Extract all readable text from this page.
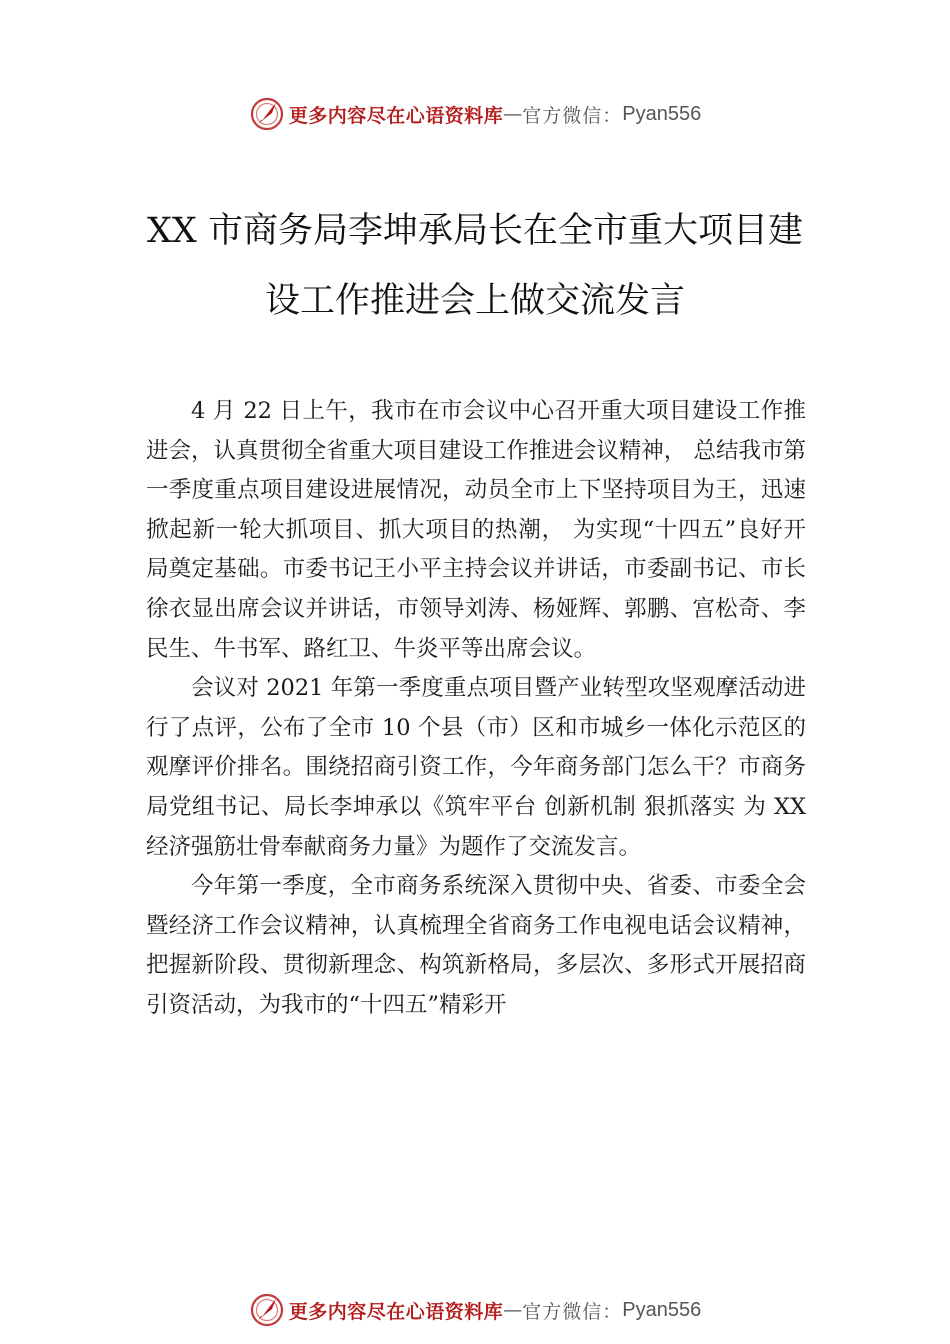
更多内容尽在心语资料库 — 官方微信： Pyan556
XX 市商务局李坤承局长在全市重大项目建
设工作推进会上做交流发言

4 月 22 日上午，我市在市会议中心召开重大项目建设工作推进会，认真贯彻全省重大项目建设工作推进会议精神， 总结我市第一季度重点项目建设进展情况，动员全市上下坚持项目为王，迅速掀起新一轮大抓项目、抓大项目的热潮， 为实现“十四五”良好开局奠定基础。市委书记王小平主持会议并讲话，市委副书记、市长徐衣显出席会议并讲话，市领导刘涛、杨娅辉、郭鹏、宫松奇、李民生、牛书军、路红卫、牛炎平等出席会议。

会议对 2021 年第一季度重点项目暨产业转型攻坚观摩活动进行了点评，公布了全市 10 个县（市）区和市城乡一体化示范区的观摩评价排名。围绕招商引资工作，今年商务部门怎么干？市商务局党组书记、局长李坤承以《筑牢平台 创新机制 狠抓落实 为 XX 经济强筋壮骨奉献商务力量》为题作了交流发言。

今年第一季度，全市商务系统深入贯彻中央、省委、市委全会暨经济工作会议精神，认真梳理全省商务工作电视电话会议精神，把握新阶段、贯彻新理念、构筑新格局，多层次、多形式开展招商引资活动，为我市的“十四五”精彩开

更多内容尽在心语资料库 — 官方微信： Pyan556
